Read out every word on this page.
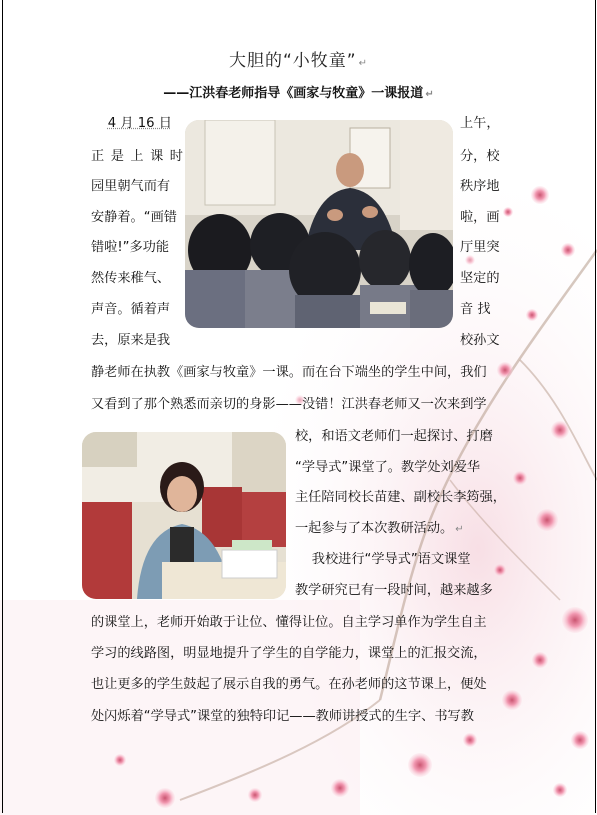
大胆的“小牧童” ↵
——江洪春老师指导《画家与牧童》一课报道 ↵
4 月 16 日	上午，
正 是 上 课 时	分，校
园里朝气而有	秩序地
安静着。“画错	啦，画
错啦!”多功能	厅里突
然传来稚气、	坚定的
声音。循着声	音 找
去，原来是我	校孙文
静老师在执教《画家与牧童》一课。而在台下端坐的学生中间，我们
又看到了那个熟悉而亲切的身影——没错！江洪春老师又一次来到学
校，和语文老师们一起探讨、打磨
“学导式”课堂了。教学处刘爱华
主任陪同校长苗建、副校长李筠强，
一起参与了本次教研活动。 ↵
我校进行“学导式”语文课堂
教学研究已有一段时间，越来越多
的课堂上，老师开始敢于让位、懂得让位。自主学习单作为学生自主
学习的线路图，明显地提升了学生的自学能力，课堂上的汇报交流，
也让更多的学生鼓起了展示自我的勇气。在孙老师的这节课上，便处
处闪烁着“学导式”课堂的独特印记——教师讲授式的生字、书写教
